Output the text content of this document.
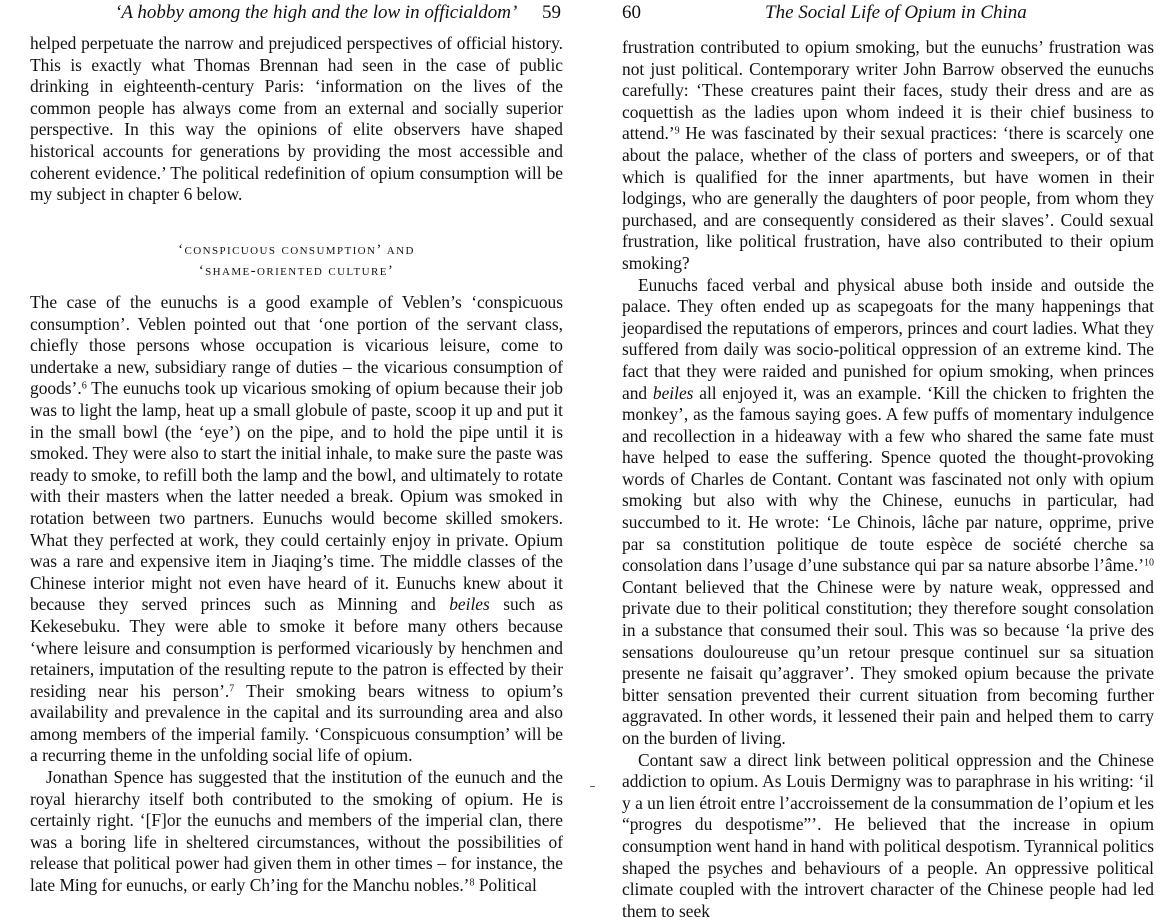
‘A hobby among the high and the low in officialdom’ 59

helped perpetuate the narrow and prejudiced perspectives of official history. This is exactly what Thomas Brennan had seen in the case of public drinking in eighteenth-century Paris: ‘information on the lives of the common people has always come from an external and socially superior perspective. In this way the opinions of elite observers have shaped historical accounts for generations by providing the most accessible and coherent evidence.’ The political redefinition of opium consumption will be my subject in chapter 6 below.

‘conspicuous consumption’ and
‘shame-oriented culture’

The case of the eunuchs is a good example of Veblen’s ‘conspicuous consumption’. Veblen pointed out that ‘one portion of the servant class, chiefly those persons whose occupation is vicarious leisure, come to undertake a new, subsidiary range of duties – the vicarious consumption of goods’.$^6$ The eunuchs took up vicarious smoking of opium because their job was to light the lamp, heat up a small globule of paste, scoop it up and put it in the small bowl (the ‘eye’) on the pipe, and to hold the pipe until it is smoked. They were also to start the initial inhale, to make sure the paste was ready to smoke, to refill both the lamp and the bowl, and ultimately to rotate with their masters when the latter needed a break. Opium was smoked in rotation between two partners. Eunuchs would become skilled smokers. What they perfected at work, they could certainly enjoy in private. Opium was a rare and expensive item in Jiaqing’s time. The middle classes of the Chinese interior might not even have heard of it. Eunuchs knew about it because they served princes such as Minning and beiles such as Kekesebuku. They were able to smoke it before many others because ‘where leisure and consumption is performed vicariously by henchmen and retainers, imputation of the resulting repute to the patron is effected by their residing near his person’.$^7$ Their smoking bears witness to opium’s availability and prevalence in the capital and its surrounding area and also among members of the imperial family. ‘Conspicuous consumption’ will be a recurring theme in the unfolding social life of opium.

Jonathan Spence has suggested that the institution of the eunuch and the royal hierarchy itself both contributed to the smoking of opium. He is certainly right. ‘[F]or the eunuchs and members of the imperial clan, there was a boring life in sheltered circumstances, without the possibilities of release that political power had given them in other times – for instance, the late Ming for eunuchs, or early Ch’ing for the Manchu nobles.’$^8$ Political

60	The Social Life of Opium in China

frustration contributed to opium smoking, but the eunuchs’ frustration was not just political. Contemporary writer John Barrow observed the eunuchs carefully: ‘These creatures paint their faces, study their dress and are as coquettish as the ladies upon whom indeed it is their chief business to attend.’$^9$ He was fascinated by their sexual practices: ‘there is scarcely one about the palace, whether of the class of porters and sweepers, or of that which is qualified for the inner apartments, but have women in their lodgings, who are generally the daughters of poor people, from whom they purchased, and are consequently considered as their slaves’. Could sexual frustration, like political frustration, have also contributed to their opium smoking?

Eunuchs faced verbal and physical abuse both inside and outside the palace. They often ended up as scapegoats for the many happenings that jeopardised the reputations of emperors, princes and court ladies. What they suffered from daily was socio-political oppression of an extreme kind. The fact that they were raided and punished for opium smoking, when princes and beiles all enjoyed it, was an example. ‘Kill the chicken to frighten the monkey’, as the famous saying goes. A few puffs of momentary indulgence and recollection in a hideaway with a few who shared the same fate must have helped to ease the suffering. Spence quoted the thought-provoking words of Charles de Contant. Contant was fascinated not only with opium smoking but also with why the Chinese, eunuchs in particular, had succumbed to it. He wrote: ‘Le Chinois, lâche par nature, opprime, prive par sa constitution politique de toute espèce de société cherche sa consolation dans l’usage d’une substance qui par sa nature absorbe l’âme.’$^{10}$ Contant believed that the Chinese were by nature weak, oppressed and private due to their political constitution; they therefore sought consolation in a substance that consumed their soul. This was so because ‘la prive des sensations douloureuse qu’un retour presque continuel sur sa situation presente ne faisait qu’aggraver’. They smoked opium because the private bitter sensation prevented their current situation from becoming further aggravated. In other words, it lessened their pain and helped them to carry on the burden of living.

Contant saw a direct link between political oppression and the Chinese addiction to opium. As Louis Dermigny was to paraphrase in his writing: ‘il y a un lien étroit entre l’accroissement de la consummation de l’opium et les “progres du despotisme”’. He believed that the increase in opium consumption went hand in hand with political despotism. Tyrannical politics shaped the psyches and behaviours of a people. An oppressive political climate coupled with the introvert character of the Chinese people had led them to seek
